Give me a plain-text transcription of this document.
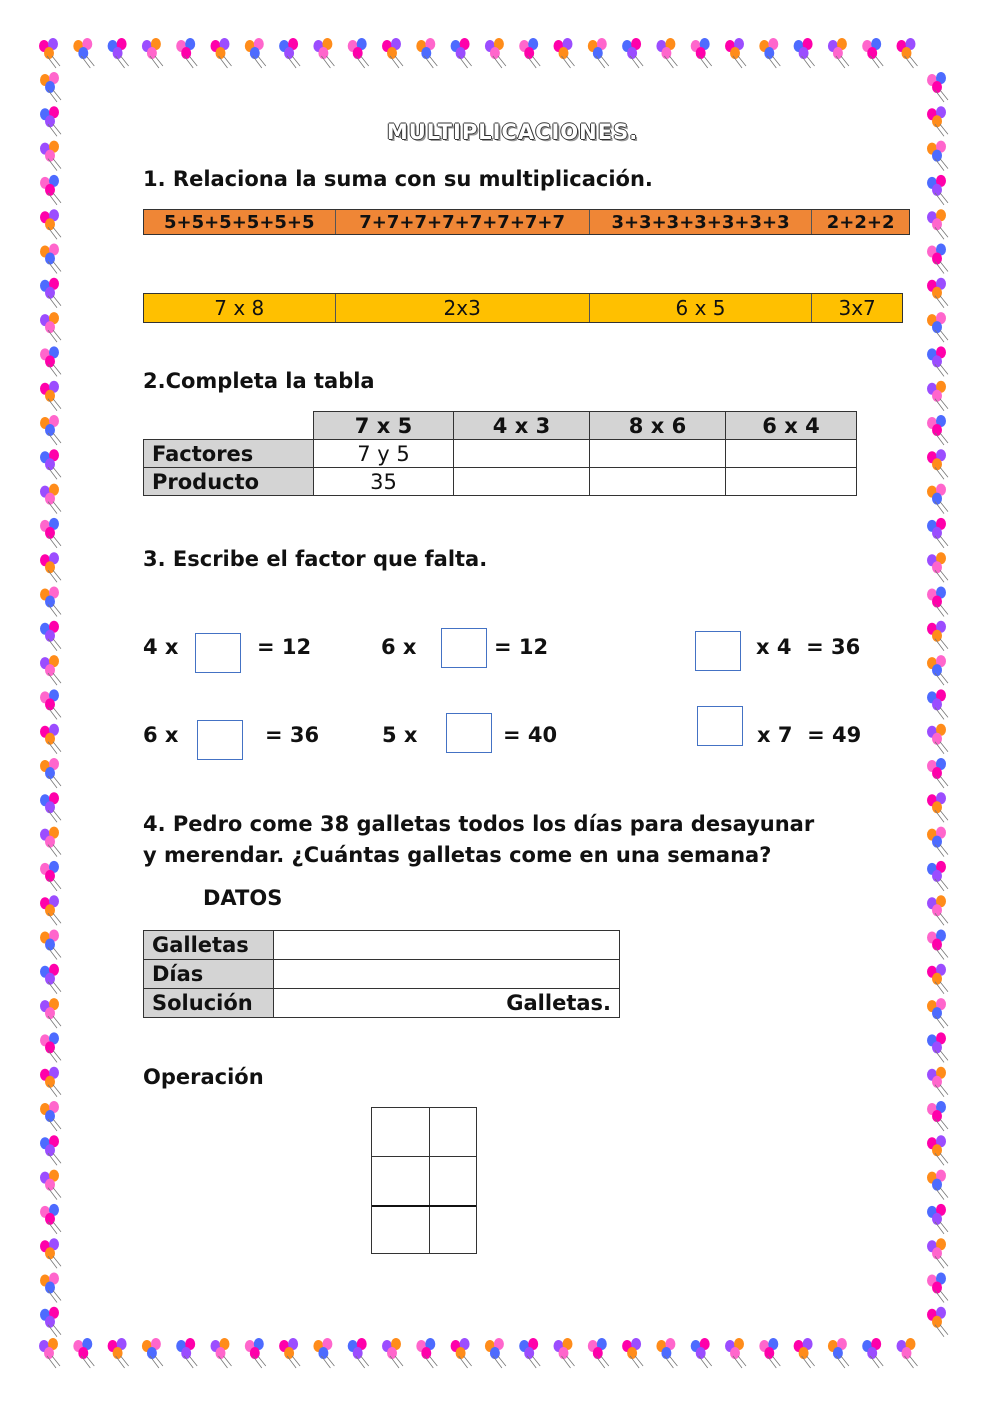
MULTIPLICACIONES.
1. Relaciona la suma con su multiplicación.
5+5+5+5+5+5	7+7+7+7+7+7+7+7	3+3+3+3+3+3+3	2+2+2
7 x 8	2x3	6 x 5	3x7
2.Completa la tabla
	7 x 5	4 x 3	8 x 6	6 x 4
Factores	7 y 5			
Producto	35			
3. Escribe el factor que falta.
4 x	= 12	6 x	= 12	x 4  = 36
6 x	= 36	5 x	= 40	x 7  = 49
4. Pedro come 38 galletas todos los días para desayunar
y merendar. ¿Cuántas galletas come en una semana?
DATOS
Galletas	
Días	
Solución	Galletas.
Operación
